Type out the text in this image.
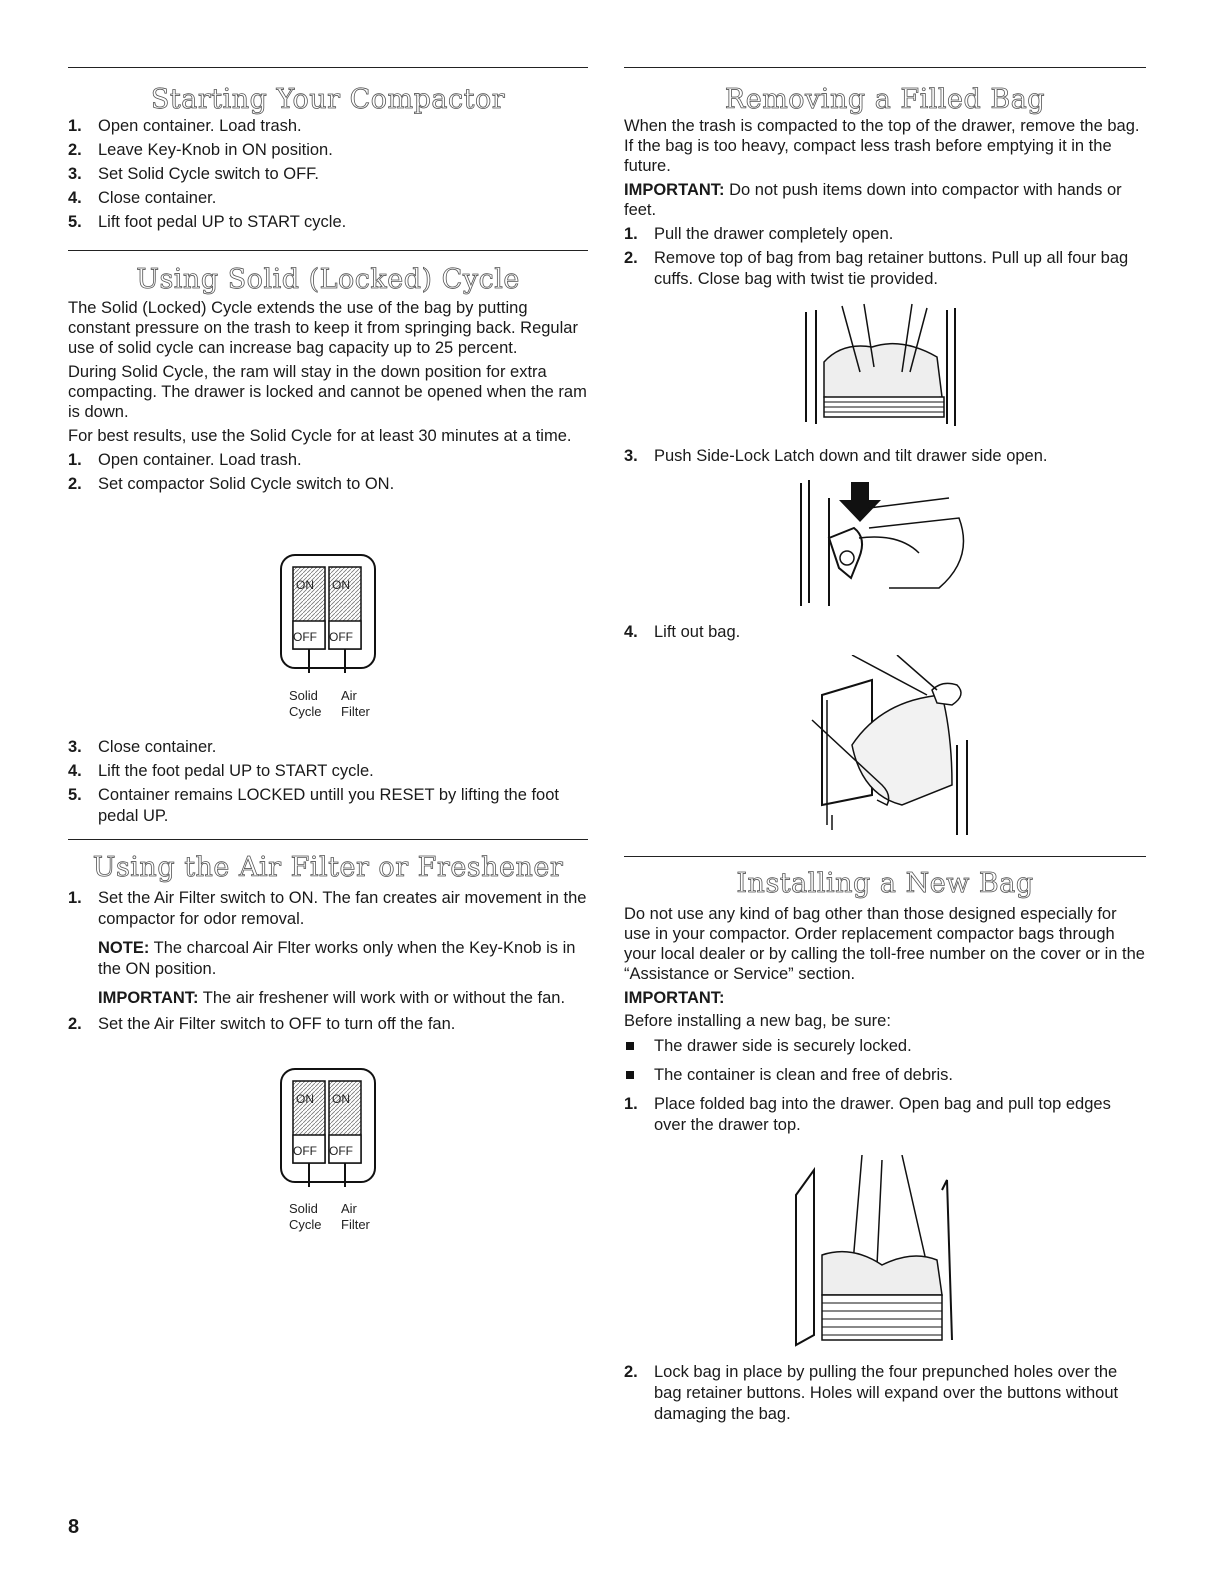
Starting Your Compactor
1. Open container. Load trash.
2. Leave Key-Knob in ON position.
3. Set Solid Cycle switch to OFF.
4. Close container.
5. Lift foot pedal UP to START cycle.
Using Solid (Locked) Cycle
The Solid (Locked) Cycle extends the use of the bag by putting constant pressure on the trash to keep it from springing back. Regular use of solid cycle can increase bag capacity up to 25 percent.
During Solid Cycle, the ram will stay in the down position for extra compacting. The drawer is locked and cannot be opened when the ram is down.
For best results, use the Solid Cycle for at least 30 minutes at a time.
1. Open container. Load trash.
2. Set compactor Solid Cycle switch to ON.
ON ON
OFF OFF
Solid
Cycle
Air
Filter
3. Close container.
4. Lift the foot pedal UP to START cycle.
5. Container remains LOCKED untill you RESET by lifting the foot pedal UP.
Using the Air Filter or Freshener
1. Set the Air Filter switch to ON. The fan creates air movement in the compactor for odor removal.
NOTE: The charcoal Air Flter works only when the Key-Knob is in the ON position.
IMPORTANT: The air freshener will work with or without the fan.
2. Set the Air Filter switch to OFF to turn off the fan.
ON ON
OFF OFF
Solid
Cycle
Air
Filter
Removing a Filled Bag
When the trash is compacted to the top of the drawer, remove the bag. If the bag is too heavy, compact less trash before emptying it in the future.
IMPORTANT: Do not push items down into compactor with hands or feet.
1. Pull the drawer completely open.
2. Remove top of bag from bag retainer buttons. Pull up all four bag cuffs. Close bag with twist tie provided.
3. Push Side-Lock Latch down and tilt drawer side open.
4. Lift out bag.
Installing a New Bag
Do not use any kind of bag other than those designed especially for use in your compactor. Order replacement compactor bags through your local dealer or by calling the toll-free number on the cover or in the “Assistance or Service” section.
IMPORTANT:
Before installing a new bag, be sure:
The drawer side is securely locked.
The container is clean and free of debris.
1. Place folded bag into the drawer. Open bag and pull top edges over the drawer top.
2. Lock bag in place by pulling the four prepunched holes over the bag retainer buttons. Holes will expand over the buttons without damaging the bag.
8
